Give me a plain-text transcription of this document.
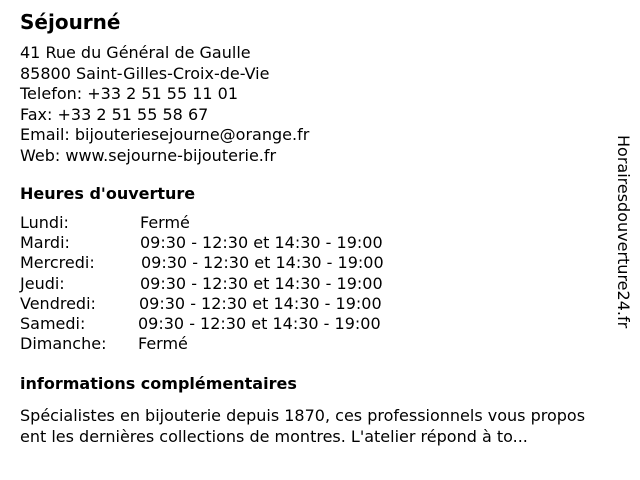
Séjourné
41 Rue du Général de Gaulle
85800 Saint-Gilles-Croix-de-Vie
Telefon: +33 2 51 55 11 01
Fax: +33 2 51 55 58 67
Email: bijouteriesejourne@orange.fr
Web: www.sejourne-bijouterie.fr
Heures d'ouverture
Lundi:	Fermé
Mardi:	09:30 - 12:30 et 14:30 - 19:00
Mercredi:	09:30 - 12:30 et 14:30 - 19:00
Jeudi:	09:30 - 12:30 et 14:30 - 19:00
Vendredi:	09:30 - 12:30 et 14:30 - 19:00
Samedi:	09:30 - 12:30 et 14:30 - 19:00
Dimanche: Fermé
informations complémentaires
Spécialistes en bijouterie depuis 1870, ces professionnels vous proposent les dernières collections de montres. L'atelier répond à to...
Horairesdouverture24.fr
